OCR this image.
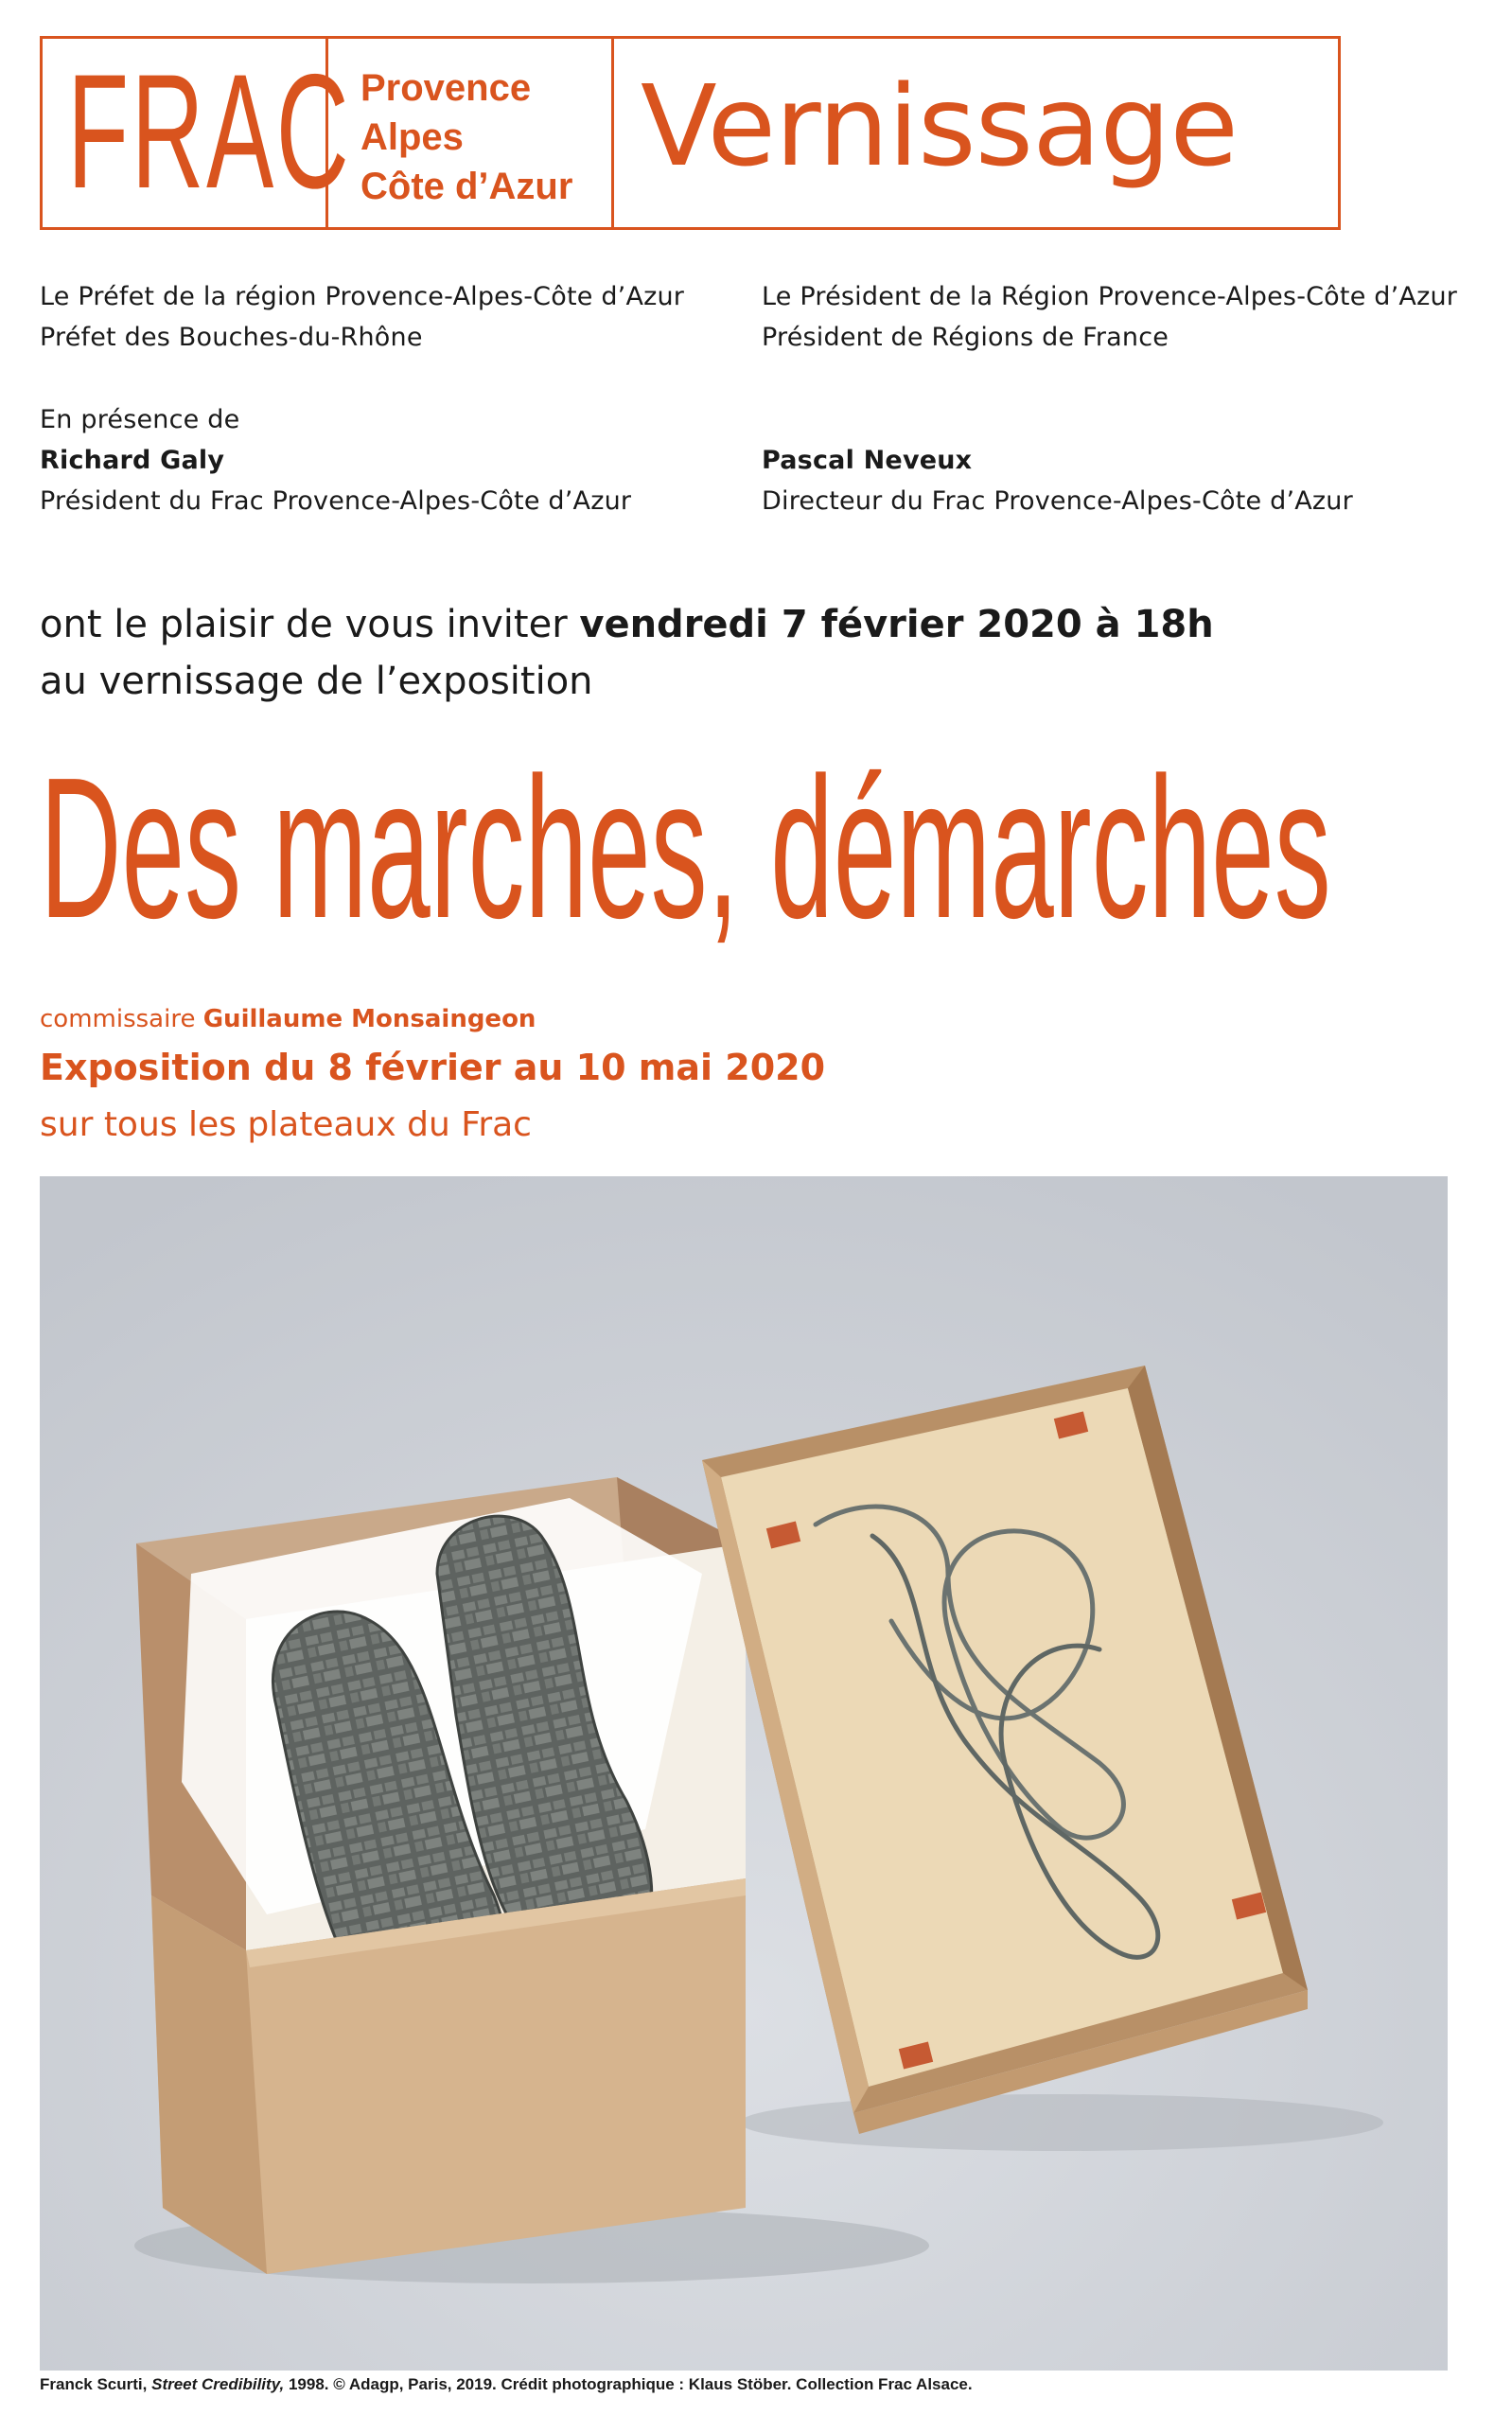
FRAC Provence
Alpes
Côte d’Azur Vernissage
Le Préfet de la région Provence-Alpes-Côte d’Azur
Préfet des Bouches-du-Rhône
Le Président de la Région Provence-Alpes-Côte d’Azur
Président de Régions de France
En présence de
Richard Galy
Président du Frac Provence-Alpes-Côte d’Azur
Pascal Neveux
Directeur du Frac Provence-Alpes-Côte d’Azur
ont le plaisir de vous inviter vendredi 7 février 2020 à 18h
au vernissage de l’exposition
Des marches, démarches
commissaire Guillaume Monsaingeon
Exposition du 8 février au 10 mai 2020
sur tous les plateaux du Frac
Franck Scurti, Street Credibility, 1998. © Adagp, Paris, 2019. Crédit photographique : Klaus Stöber. Collection Frac Alsace.
